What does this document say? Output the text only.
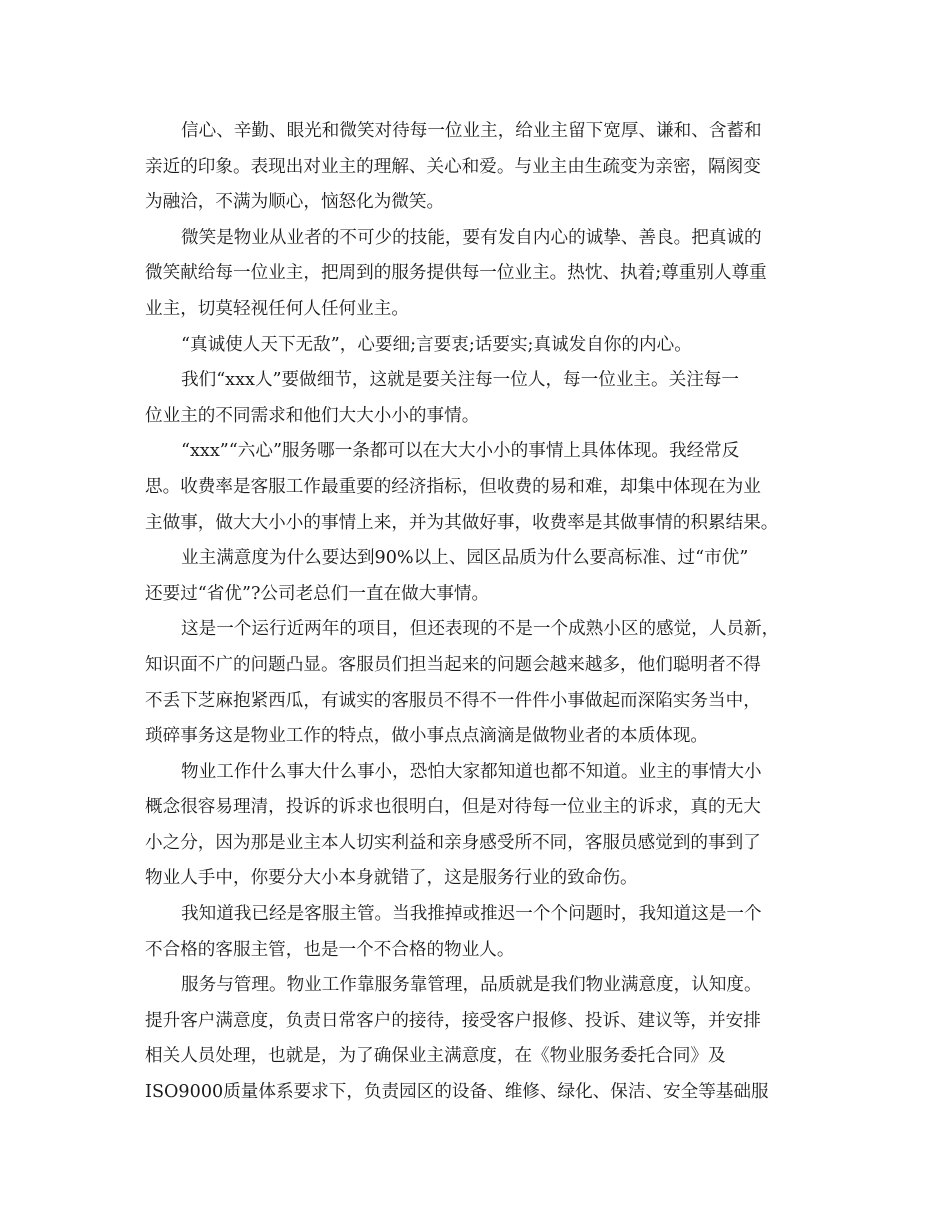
信心、辛勤、眼光和微笑对待每一位业主，给业主留下宽厚、谦和、含蓄和
亲近的印象。表现出对业主的理解、关心和爱。与业主由生疏变为亲密，隔阂变
为融洽，不满为顺心，恼怒化为微笑。
微笑是物业从业者的不可少的技能，要有发自内心的诚挚、善良。把真诚的
微笑献给每一位业主，把周到的服务提供每一位业主。热忱、执着;尊重别人尊重
业主，切莫轻视任何人任何业主。
“真诚使人天下无敌”，心要细;言要衷;话要实;真诚发自你的内心。
我们“xxx人”要做细节，这就是要关注每一位人，每一位业主。关注每一
位业主的不同需求和他们大大小小的事情。
“xxx”“六心”服务哪一条都可以在大大小小的事情上具体体现。我经常反
思。收费率是客服工作最重要的经济指标，但收费的易和难，却集中体现在为业
主做事，做大大小小的事情上来，并为其做好事，收费率是其做事情的积累结果。
业主满意度为什么要达到90%以上、园区品质为什么要高标准、过“市优”
还要过“省优”?公司老总们一直在做大事情。
这是一个运行近两年的项目，但还表现的不是一个成熟小区的感觉，人员新，
知识面不广的问题凸显。客服员们担当起来的问题会越来越多，他们聪明者不得
不丢下芝麻抱紧西瓜，有诚实的客服员不得不一件件小事做起而深陷实务当中，
琐碎事务这是物业工作的特点，做小事点点滴滴是做物业者的本质体现。
物业工作什么事大什么事小，恐怕大家都知道也都不知道。业主的事情大小
概念很容易理清，投诉的诉求也很明白，但是对待每一位业主的诉求，真的无大
小之分，因为那是业主本人切实利益和亲身感受所不同，客服员感觉到的事到了
物业人手中，你要分大小本身就错了，这是服务行业的致命伤。
我知道我已经是客服主管。当我推掉或推迟一个个问题时，我知道这是一个
不合格的客服主管，也是一个不合格的物业人。
服务与管理。物业工作靠服务靠管理，品质就是我们物业满意度，认知度。
提升客户满意度，负责日常客户的接待，接受客户报修、投诉、建议等，并安排
相关人员处理，也就是，为了确保业主满意度，在《物业服务委托合同》及
ISO9000质量体系要求下，负责园区的设备、维修、绿化、保洁、安全等基础服
